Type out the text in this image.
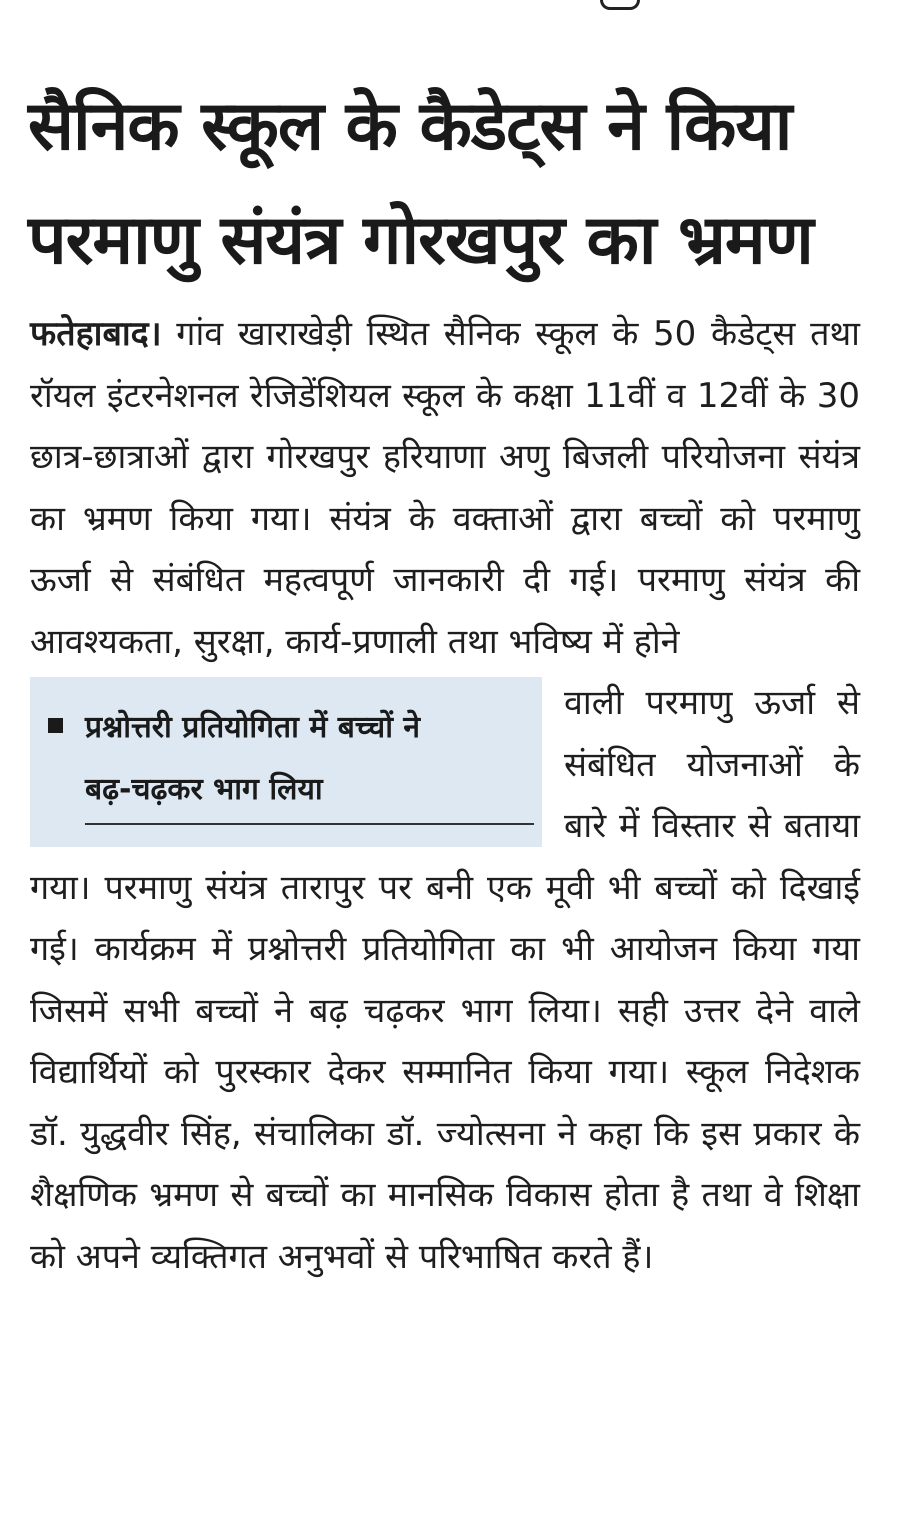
सैनिक स्कूल के कैडेट्स ने किया
परमाणु संयंत्र गोरखपुर का भ्रमण

फतेहाबाद। गांव खाराखेड़ी स्थित सैनिक स्कूल के 50 कैडेट्स तथा रॉयल इंटरनेशनल रेजिडेंशियल स्कूल के कक्षा 11वीं व 12वीं के 30 छात्र-छात्राओं द्वारा गोरखपुर हरियाणा अणु बिजली परियोजना संयंत्र का भ्रमण किया गया। संयंत्र के वक्ताओं द्वारा बच्चों को परमाणु ऊर्जा से संबंधित महत्वपूर्ण जानकारी दी गई। परमाणु संयंत्र की आवश्यकता, सुरक्षा, कार्य-प्रणाली तथा भविष्य में होने

प्रश्नोत्तरी प्रतियोगिता में बच्चों ने
बढ़-चढ़कर भाग लिया

वाली परमाणु ऊर्जा से संबंधित योजनाओं के बारे में विस्तार से बताया गया। परमाणु संयंत्र तारापुर पर बनी एक मूवी भी बच्चों को दिखाई गई। कार्यक्रम में प्रश्नोत्तरी प्रतियोगिता का भी आयोजन किया गया जिसमें सभी बच्चों ने बढ़ चढ़कर भाग लिया। सही उत्तर देने वाले विद्यार्थियों को पुरस्कार देकर सम्मानित किया गया। स्कूल निदेशक डॉ. युद्धवीर सिंह, संचालिका डॉ. ज्योत्सना ने कहा कि इस प्रकार के शैक्षणिक भ्रमण से बच्चों का मानसिक विकास होता है तथा वे शिक्षा को अपने व्यक्तिगत अनुभवों से परिभाषित करते हैं।
